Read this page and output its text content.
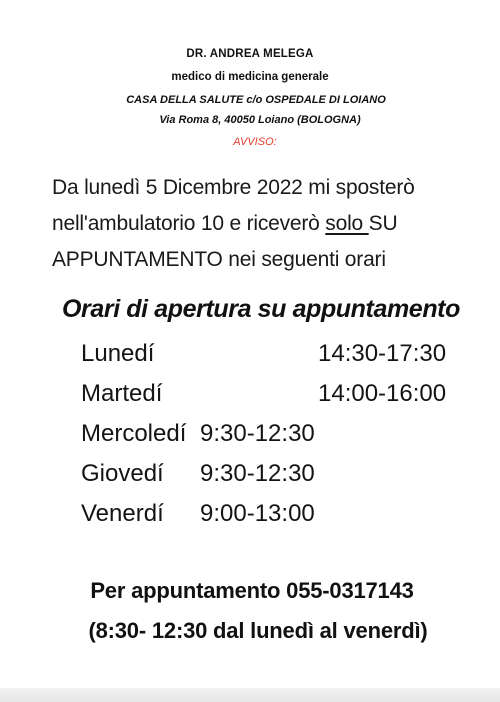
DR. ANDREA MELEGA
medico di medicina generale
CASA DELLA SALUTE c/o OSPEDALE DI LOIANO
Via Roma 8, 40050 Loiano (BOLOGNA)
AVVISO:
Da lunedì 5 Dicembre 2022 mi sposterò
nell'ambulatorio 10 e riceverò solo SU
APPUNTAMENTO nei seguenti orari
Orari di apertura su appuntamento
Lunedí	14:30-17:30
Martedí	14:00-16:00
Mercoledí 9:30-12:30
Giovedí 9:30-12:30
Venerdí 9:00-13:00
Per appuntamento 055-0317143
(8:30- 12:30 dal lunedì al venerdì)
